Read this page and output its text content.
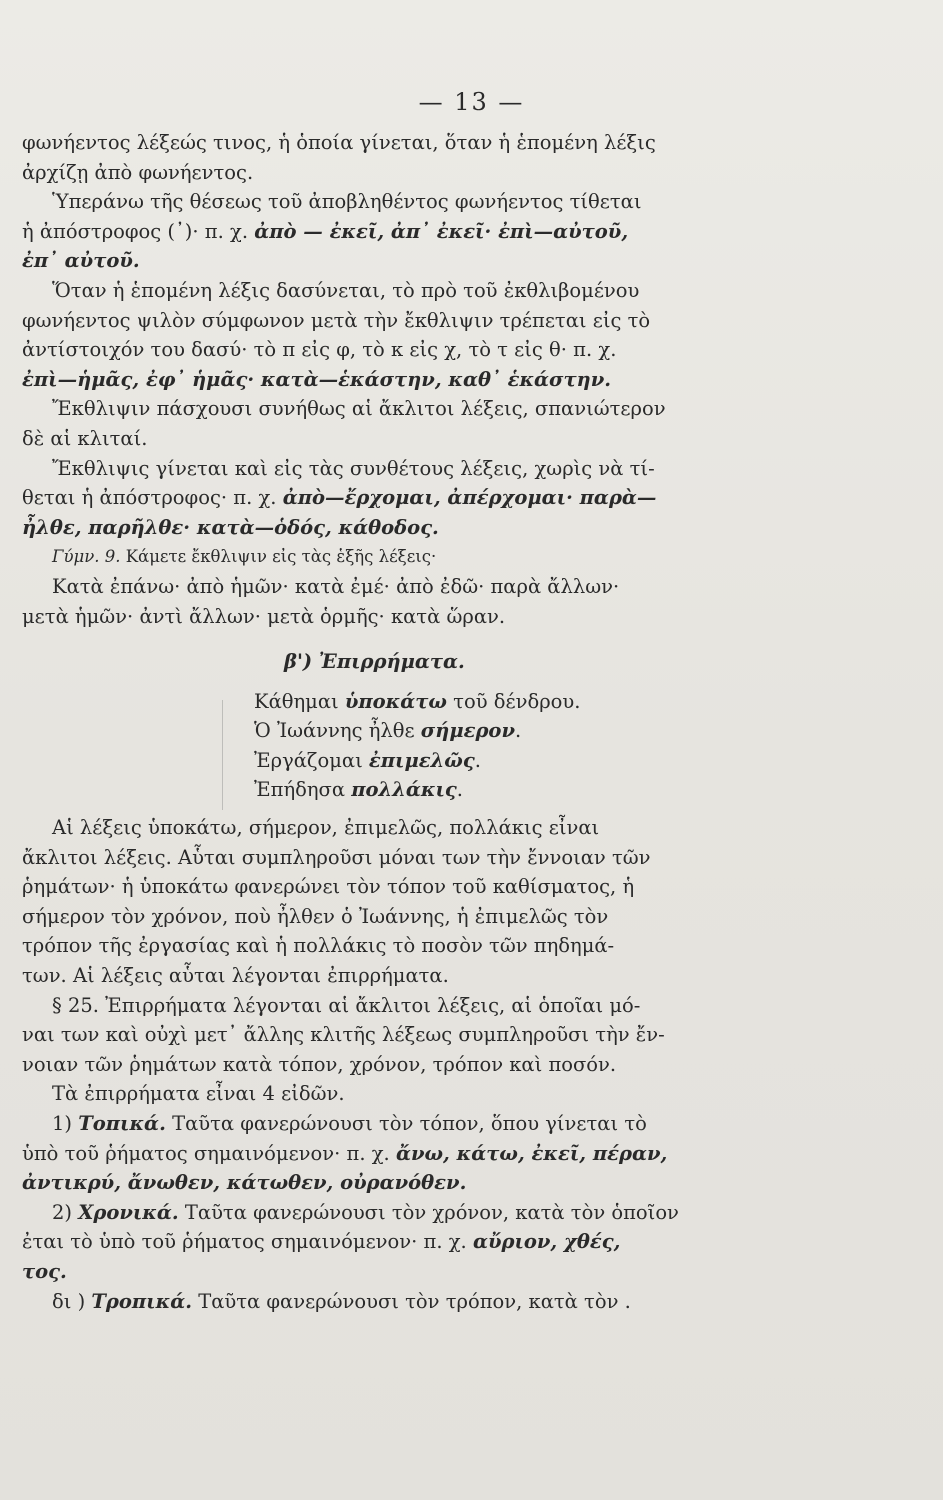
— 13 —

φωνήεντος λέξεώς τινος, ἡ ὁποία γίνεται, ὅταν ἡ ἑπομένη λέξις
ἀρχίζῃ ἀπὸ φωνήεντος.

Ὑπεράνω τῆς θέσεως τοῦ ἀποβληθέντος φωνήεντος τίθεται
ἡ ἀπόστροφος (᾿)· π. χ. ἀπὸ — ἐκεῖ, ἀπ᾿ ἐκεῖ· ἐπὶ—αὐτοῦ,
ἐπ᾿ αὐτοῦ.

Ὅταν ἡ ἑπομένη λέξις δασύνεται, τὸ πρὸ τοῦ ἐκθλιβομένου
φωνήεντος ψιλὸν σύμφωνον μετὰ τὴν ἔκθλιψιν τρέπεται εἰς τὸ
ἀντίστοιχόν του δασύ· τὸ π εἰς φ, τὸ κ εἰς χ, τὸ τ εἰς θ· π. χ.
ἐπὶ—ἡμᾶς, ἐφ᾿ ἡμᾶς· κατὰ—ἑκάστην, καθ᾿ ἑκάστην.

Ἔκθλιψιν πάσχουσι συνήθως αἱ ἄκλιτοι λέξεις, σπανιώτερον
δὲ αἱ κλιταί.

Ἔκθλιψις γίνεται καὶ εἰς τὰς συνθέτους λέξεις, χωρὶς νὰ τί-
θεται ἡ ἀπόστροφος· π. χ. ἀπὸ—ἔρχομαι, ἀπέρχομαι· παρὰ—
ἦλθε, παρῆλθε· κατὰ—ὁδός, κάθοδος.

Γύμν. 9. Κάμετε ἔκθλιψιν εἰς τὰς ἑξῆς λέξεις·

Κατὰ ἐπάνω· ἀπὸ ἡμῶν· κατὰ ἐμέ· ἀπὸ ἐδῶ· παρὰ ἄλλων·
μετὰ ἡμῶν· ἀντὶ ἄλλων· μετὰ ὁρμῆς· κατὰ ὥραν.

β') Ἐπιρρήματα.

Κάθημαι ὑποκάτω τοῦ δένδρου.
Ὁ Ἰωάννης ἦλθε σήμερον.
Ἐργάζομαι ἐπιμελῶς.
Ἐπήδησα πολλάκις.

Αἱ λέξεις ὑποκάτω, σήμερον, ἐπιμελῶς, πολλάκις εἶναι
ἄκλιτοι λέξεις. Αὗται συμπληροῦσι μόναι των τὴν ἔννοιαν τῶν
ῥημάτων· ἡ ὑποκάτω φανερώνει τὸν τόπον τοῦ καθίσματος, ἡ
σήμερον τὸν χρόνον, ποὺ ἦλθεν ὁ Ἰωάννης, ἡ ἐπιμελῶς τὸν
τρόπον τῆς ἐργασίας καὶ ἡ πολλάκις τὸ ποσὸν τῶν πηδημά-
των. Αἱ λέξεις αὗται λέγονται ἐπιρρήματα.

§ 25. Ἐπιρρήματα λέγονται αἱ ἄκλιτοι λέξεις, αἱ ὁποῖαι μό-
ναι των καὶ οὐχὶ μετ᾿ ἄλλης κλιτῆς λέξεως συμπληροῦσι τὴν ἔν-
νοιαν τῶν ῥημάτων κατὰ τόπον, χρόνον, τρόπον καὶ ποσόν.

Τὰ ἐπιρρήματα εἶναι 4 εἰδῶν.

1) Τοπικά. Ταῦτα φανερώνουσι τὸν τόπον, ὅπου γίνεται τὸ
ὑπὸ τοῦ ῥήματος σημαινόμενον· π. χ. ἄνω, κάτω, ἐκεῖ, πέραν,
ἀντικρύ, ἄνωθεν, κάτωθεν, οὐρανόθεν.

2) Χρονικά. Ταῦτα φανερώνουσι τὸν χρόνον, κατὰ τὸν ὁποῖον
ἐται τὸ ὑπὸ τοῦ ῥήματος σημαινόμενον· π. χ. αὔριον, χθές,
τος.

δι ) Τροπικά. Ταῦτα φανερώνουσι τὸν τρόπον, κατὰ τὸν .
